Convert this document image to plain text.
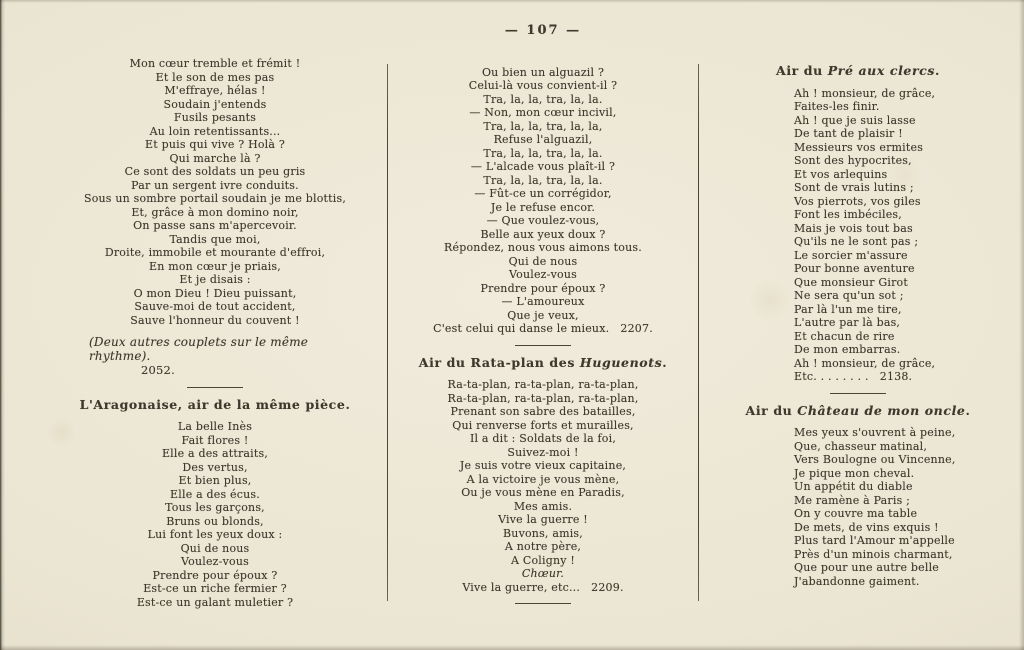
Mon cœur tremble et frémit !
Et le son de mes pas
M'effraye, hélas !
Soudain j'entends
Fusils pesants
Au loin retentissants...
Et puis qui vive ? Holà ?
Qui marche là ?
Ce sont des soldats un peu gris
Par un sergent ivre conduits.
Sous un sombre portail soudain je me blottis,
Et, grâce à mon domino noir,
On passe sans m'apercevoir.
Tandis que moi,
Droite, immobile et mourante d'effroi,
En mon cœur je priais,
Et je disais :
O mon Dieu ! Dieu puissant,
Sauve-moi de tout accident,
Sauve l'honneur du couvent !
(Deux autres couplets sur le même rhythme).
2052.
L'Aragonaise, air de la même pièce.
La belle Inès
Fait flores !
Elle a des attraits,
Des vertus,
Et bien plus,
Elle a des écus.
Tous les garçons,
Bruns ou blonds,
Lui font les yeux doux :
Qui de nous
Voulez-vous
Prendre pour époux ?
Est-ce un riche fermier ?
Est-ce un galant muletier ?
— 107 —
Ou bien un alguazil ?
Celui-là vous convient-il ?
Tra, la, la, tra, la, la.
— Non, mon cœur incivil,
Tra, la, la, tra, la, la,
Refuse l'alguazil,
Tra, la, la, tra, la, la.
— L'alcade vous plaît-il ?
Tra, la, la, tra, la, la.
— Fût-ce un corrégidor,
Je le refuse encor.
— Que voulez-vous,
Belle aux yeux doux ?
Répondez, nous vous aimons tous.
Qui de nous
Voulez-vous
Prendre pour époux ?
— L'amoureux
Que je veux,
C'est celui qui danse le mieux.   2207.
Air du Rata-plan des Huguenots.
Ra-ta-plan, ra-ta-plan, ra-ta-plan,
Ra-ta-plan, ra-ta-plan, ra-ta-plan,
Prenant son sabre des batailles,
Qui renverse forts et murailles,
Il a dit : Soldats de la foi,
Suivez-moi !
Je suis votre vieux capitaine,
A la victoire je vous mène,
Ou je vous mène en Paradis,
Mes amis.
Vive la guerre !
Buvons, amis,
A notre père,
A Coligny !
Chœur.
Vive la guerre, etc...   2209.
Air du Pré aux clercs.
Ah ! monsieur, de grâce,
Faites-les finir.
Ah ! que je suis lasse
De tant de plaisir !
Messieurs vos ermites
Sont des hypocrites,
Et vos arlequins
Sont de vrais lutins ;
Vos pierrots, vos giles
Font les imbéciles,
Mais je vois tout bas
Qu'ils ne le sont pas ;
Le sorcier m'assure
Pour bonne aventure
Que monsieur Girot
Ne sera qu'un sot ;
Par là l'un me tire,
L'autre par là bas,
Et chacun de rire
De mon embarras.
Ah ! monsieur, de grâce,
Etc. . . . . . . .   2138.
Air du Château de mon oncle.
Mes yeux s'ouvrent à peine,
Que, chasseur matinal,
Vers Boulogne ou Vincenne,
Je pique mon cheval.
Un appétit du diable
Me ramène à Paris ;
On y couvre ma table
De mets, de vins exquis !
Plus tard l'Amour m'appelle
Près d'un minois charmant,
Que pour une autre belle
J'abandonne gaiment.
